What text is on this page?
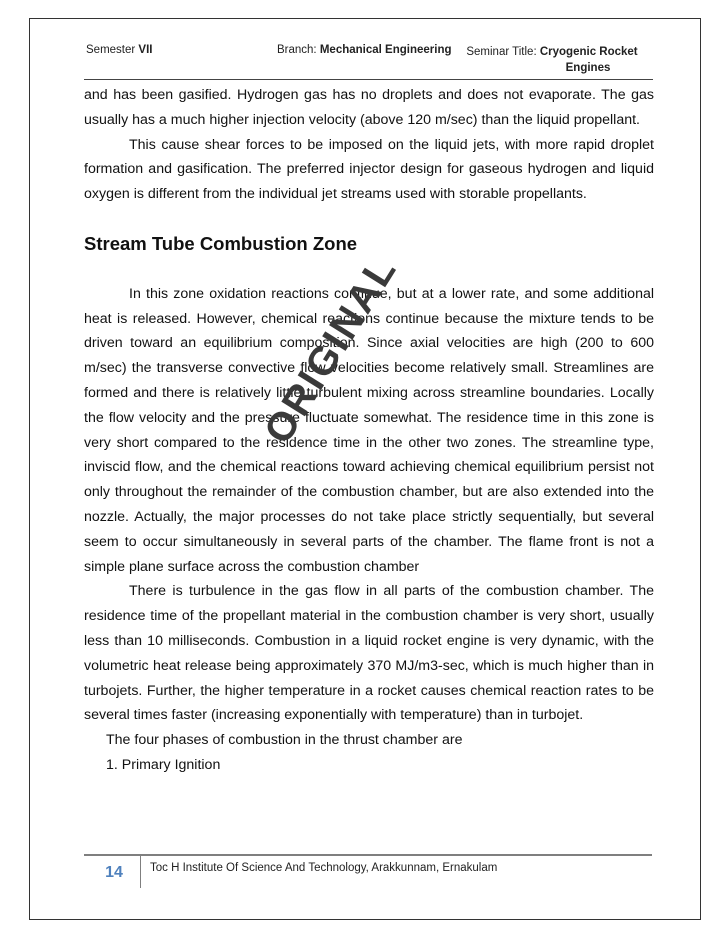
Semester VII	Branch: Mechanical Engineering	Seminar Title: Cryogenic Rocket
Engines

and has been gasified. Hydrogen gas has no droplets and does not evaporate. The gas usually has a much higher injection velocity (above 120 m/sec) than the liquid propellant.

This cause shear forces to be imposed on the liquid jets, with more rapid droplet formation and gasification. The preferred injector design for gaseous hydrogen and liquid oxygen is different from the individual jet streams used with storable propellants.

Stream Tube Combustion Zone

In this zone oxidation reactions continue, but at a lower rate, and some additional heat is released. However, chemical reactions continue because the mixture tends to be driven toward an equilibrium composition. Since axial velocities are high (200 to 600 m/sec) the transverse convective flow velocities become relatively small. Streamlines are formed and there is relatively little turbulent mixing across streamline boundaries. Locally the flow velocity and the pressure fluctuate somewhat. The residence time in this zone is very short compared to the residence time in the other two zones. The streamline type, inviscid flow, and the chemical reactions toward achieving chemical equilibrium persist not only throughout the remainder of the combustion chamber, but are also extended into the nozzle. Actually, the major processes do not take place strictly sequentially, but several seem to occur simultaneously in several parts of the chamber. The flame front is not a simple plane surface across the combustion chamber

There is turbulence in the gas flow in all parts of the combustion chamber. The residence time of the propellant material in the combustion chamber is very short, usually less than 10 milliseconds. Combustion in a liquid rocket engine is very dynamic, with the volumetric heat release being approximately 370 MJ/m3-sec, which is much higher than in turbojets. Further, the higher temperature in a rocket causes chemical reaction rates to be several times faster (increasing exponentially with temperature) than in turbojet.

The four phases of combustion in the thrust chamber are

1. Primary Ignition

ORIGINAL
14	Toc H Institute Of Science And Technology, Arakkunnam, Ernakulam
